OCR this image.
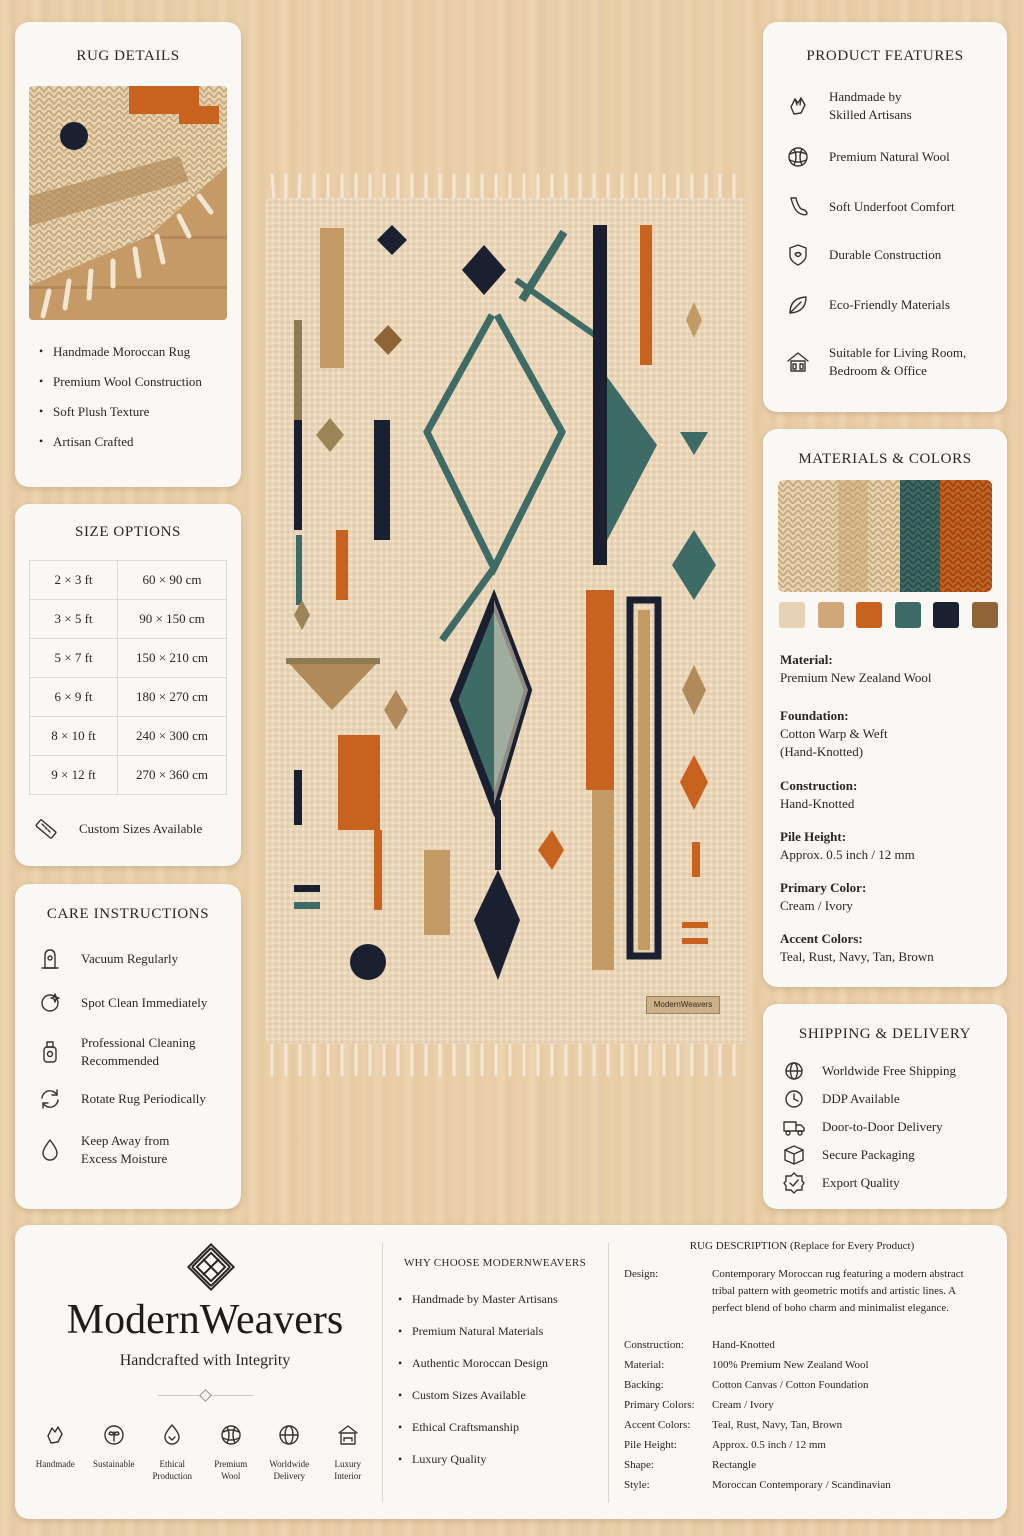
RUG DETAILS
• Handmade Moroccan Rug
• Premium Wool Construction
• Soft Plush Texture
• Artisan Crafted
SIZE OPTIONS
2 × 3 ft	60 × 90 cm
3 × 5 ft	90 × 150 cm
5 × 7 ft	150 × 210 cm
6 × 9 ft	180 × 270 cm
8 × 10 ft	240 × 300 cm
9 × 12 ft	270 × 360 cm
Custom Sizes Available
CARE INSTRUCTIONS
Vacuum Regularly
Spot Clean Immediately
Professional Cleaning
Recommended
Rotate Rug Periodically
Keep Away from
Excess Moisture
ModernWeavers
PRODUCT FEATURES
Handmade by
Skilled Artisans
Premium Natural Wool
Soft Underfoot Comfort
Durable Construction
Eco-Friendly Materials
Suitable for Living Room,
Bedroom & Office
MATERIALS & COLORS
Material:
Premium New Zealand Wool
Foundation:
Cotton Warp & Weft
(Hand-Knotted)
Construction:
Hand-Knotted
Pile Height:
Approx. 0.5 inch / 12 mm
Primary Color:
Cream / Ivory
Accent Colors:
Teal, Rust, Navy, Tan, Brown
SHIPPING & DELIVERY
Worldwide Free Shipping
DDP Available
Door-to-Door Delivery
Secure Packaging
Export Quality
ModernWeavers
Handcrafted with Integrity
Handmade Sustainable	Ethical
Production
Premium
Wool
Worldwide
Delivery
Luxury
Interior
WHY CHOOSE MODERNWEAVERS
• Handmade by Master Artisans
• Premium Natural Materials
• Authentic Moroccan Design
• Custom Sizes Available
• Ethical Craftsmanship
• Luxury Quality
RUG DESCRIPTION (Replace for Every Product)
Design:	Contemporary Moroccan rug featuring a modern abstract tribal pattern with geometric motifs and artistic lines. A perfect blend of boho charm and minimalist elegance.
Construction:	Hand-Knotted
Material:	100% Premium New Zealand Wool
Backing:	Cotton Canvas / Cotton Foundation
Primary Colors:	Cream / Ivory
Accent Colors:	Teal, Rust, Navy, Tan, Brown
Pile Height:	Approx. 0.5 inch / 12 mm
Shape:	Rectangle
Style:	Moroccan Contemporary / Scandinavian
